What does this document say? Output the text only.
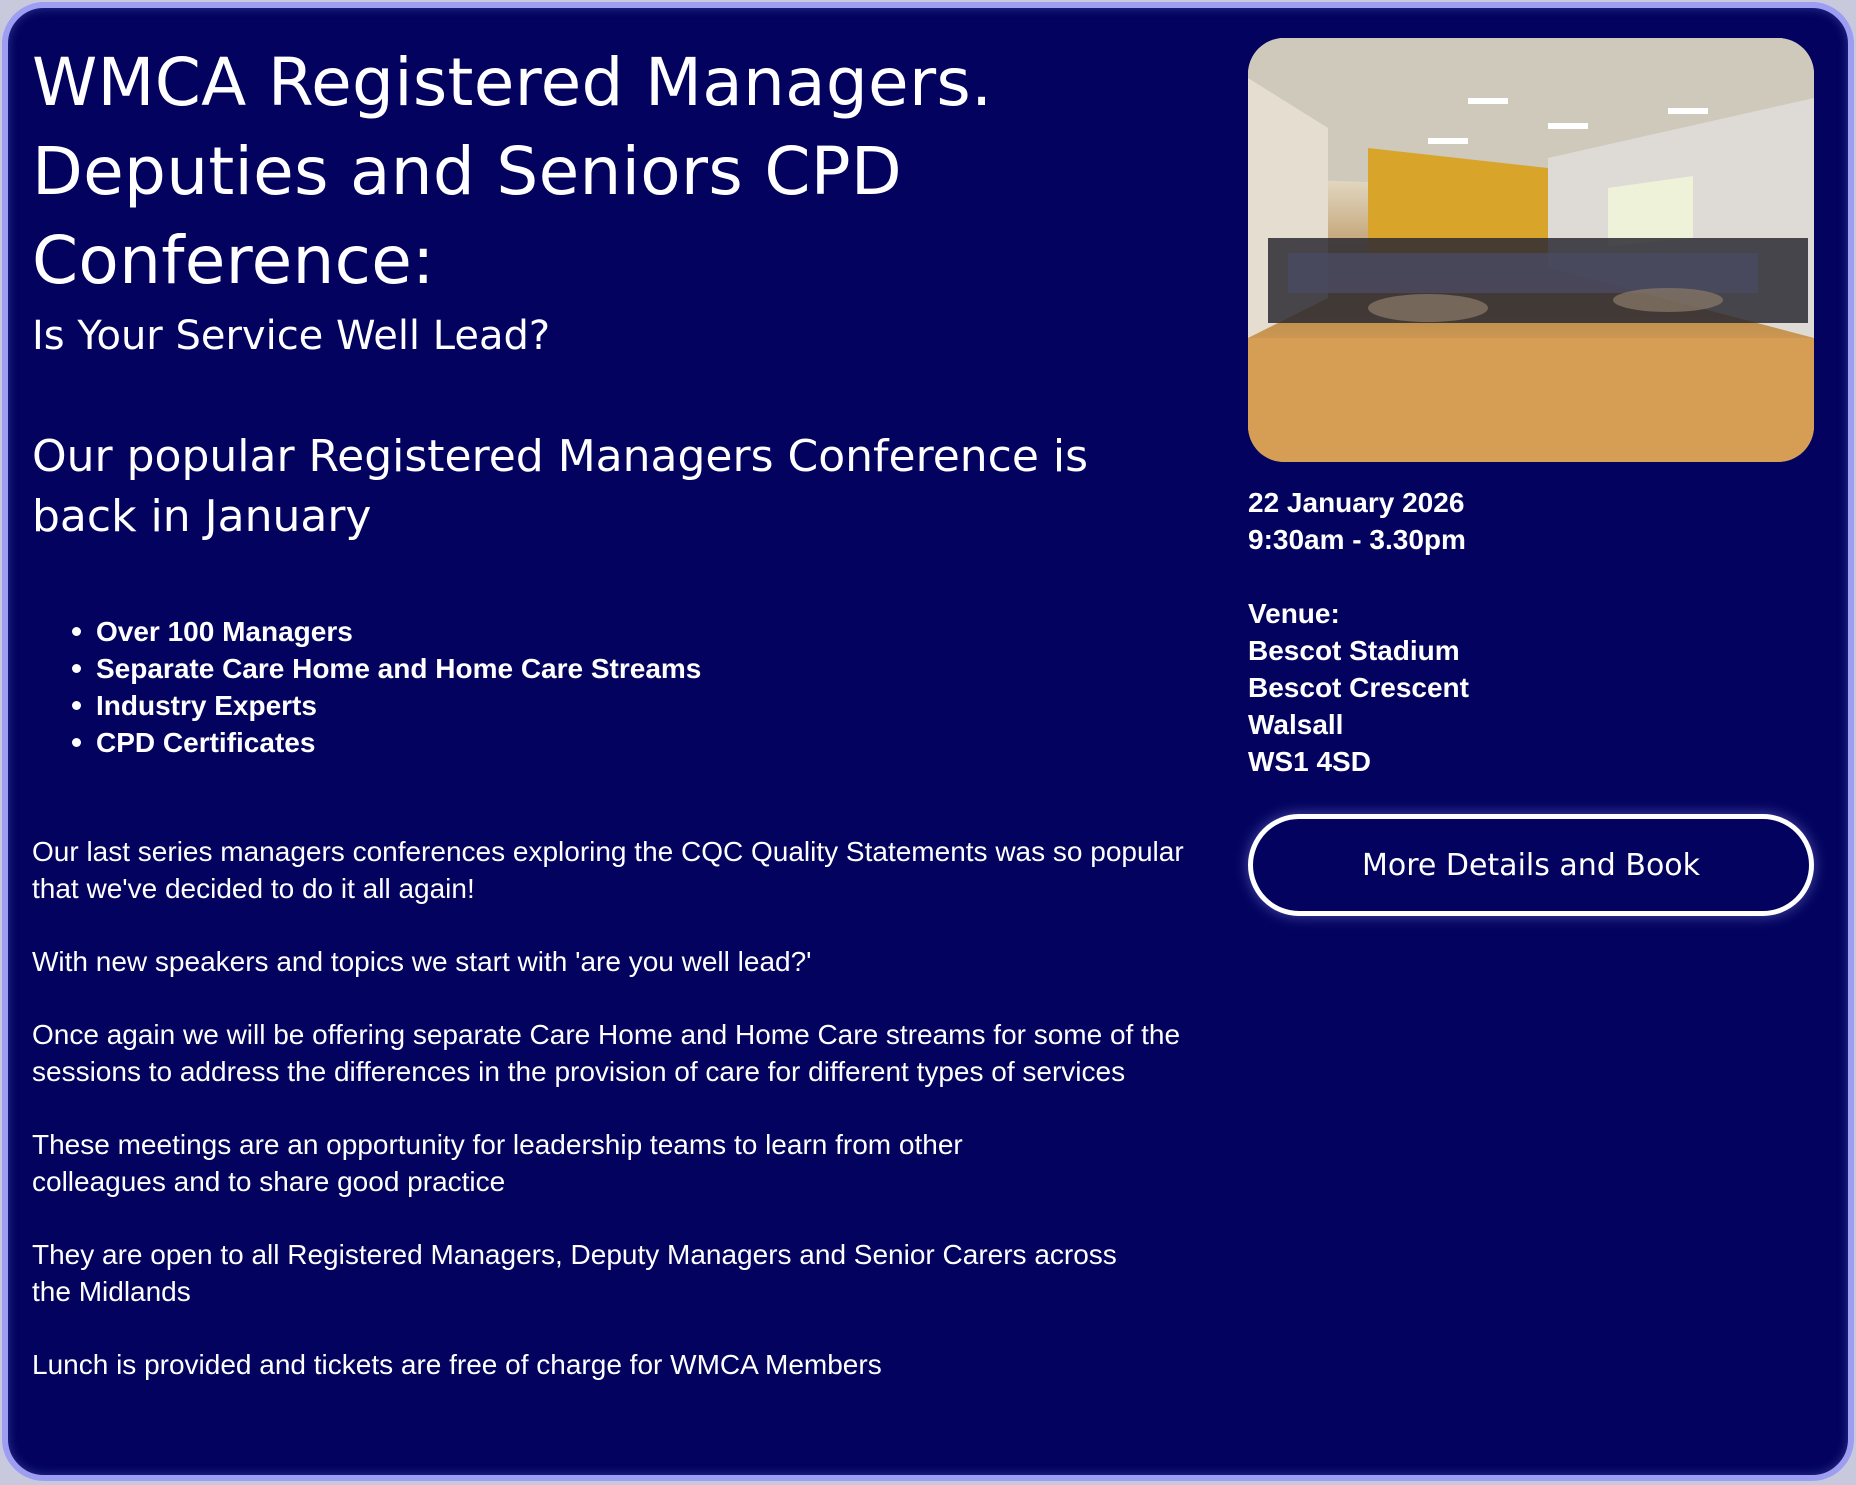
WMCA Registered Managers.
Deputies and Seniors CPD
Conference:
Is Your Service Well Lead?
Our popular Registered Managers Conference is
back in January
Over 100 Managers
Separate Care Home and Home Care Streams
Industry Experts
CPD Certificates

Our last series managers conferences exploring the CQC Quality Statements was so popular that we've decided to do it all again!

With new speakers and topics we start with 'are you well lead?'

Once again we will be offering separate Care Home and Home Care streams for some of the sessions to address the differences in the provision of care for different types of services

These meetings are an opportunity for leadership teams to learn from other colleagues and to share good practice

They are open to all Registered Managers, Deputy Managers and Senior Carers across the Midlands

Lunch is provided and tickets are free of charge for WMCA Members

22 January 2026
9:30am - 3.30pm
Venue:
Bescot Stadium
Bescot Crescent
Walsall
WS1 4SD
More Details and Book
